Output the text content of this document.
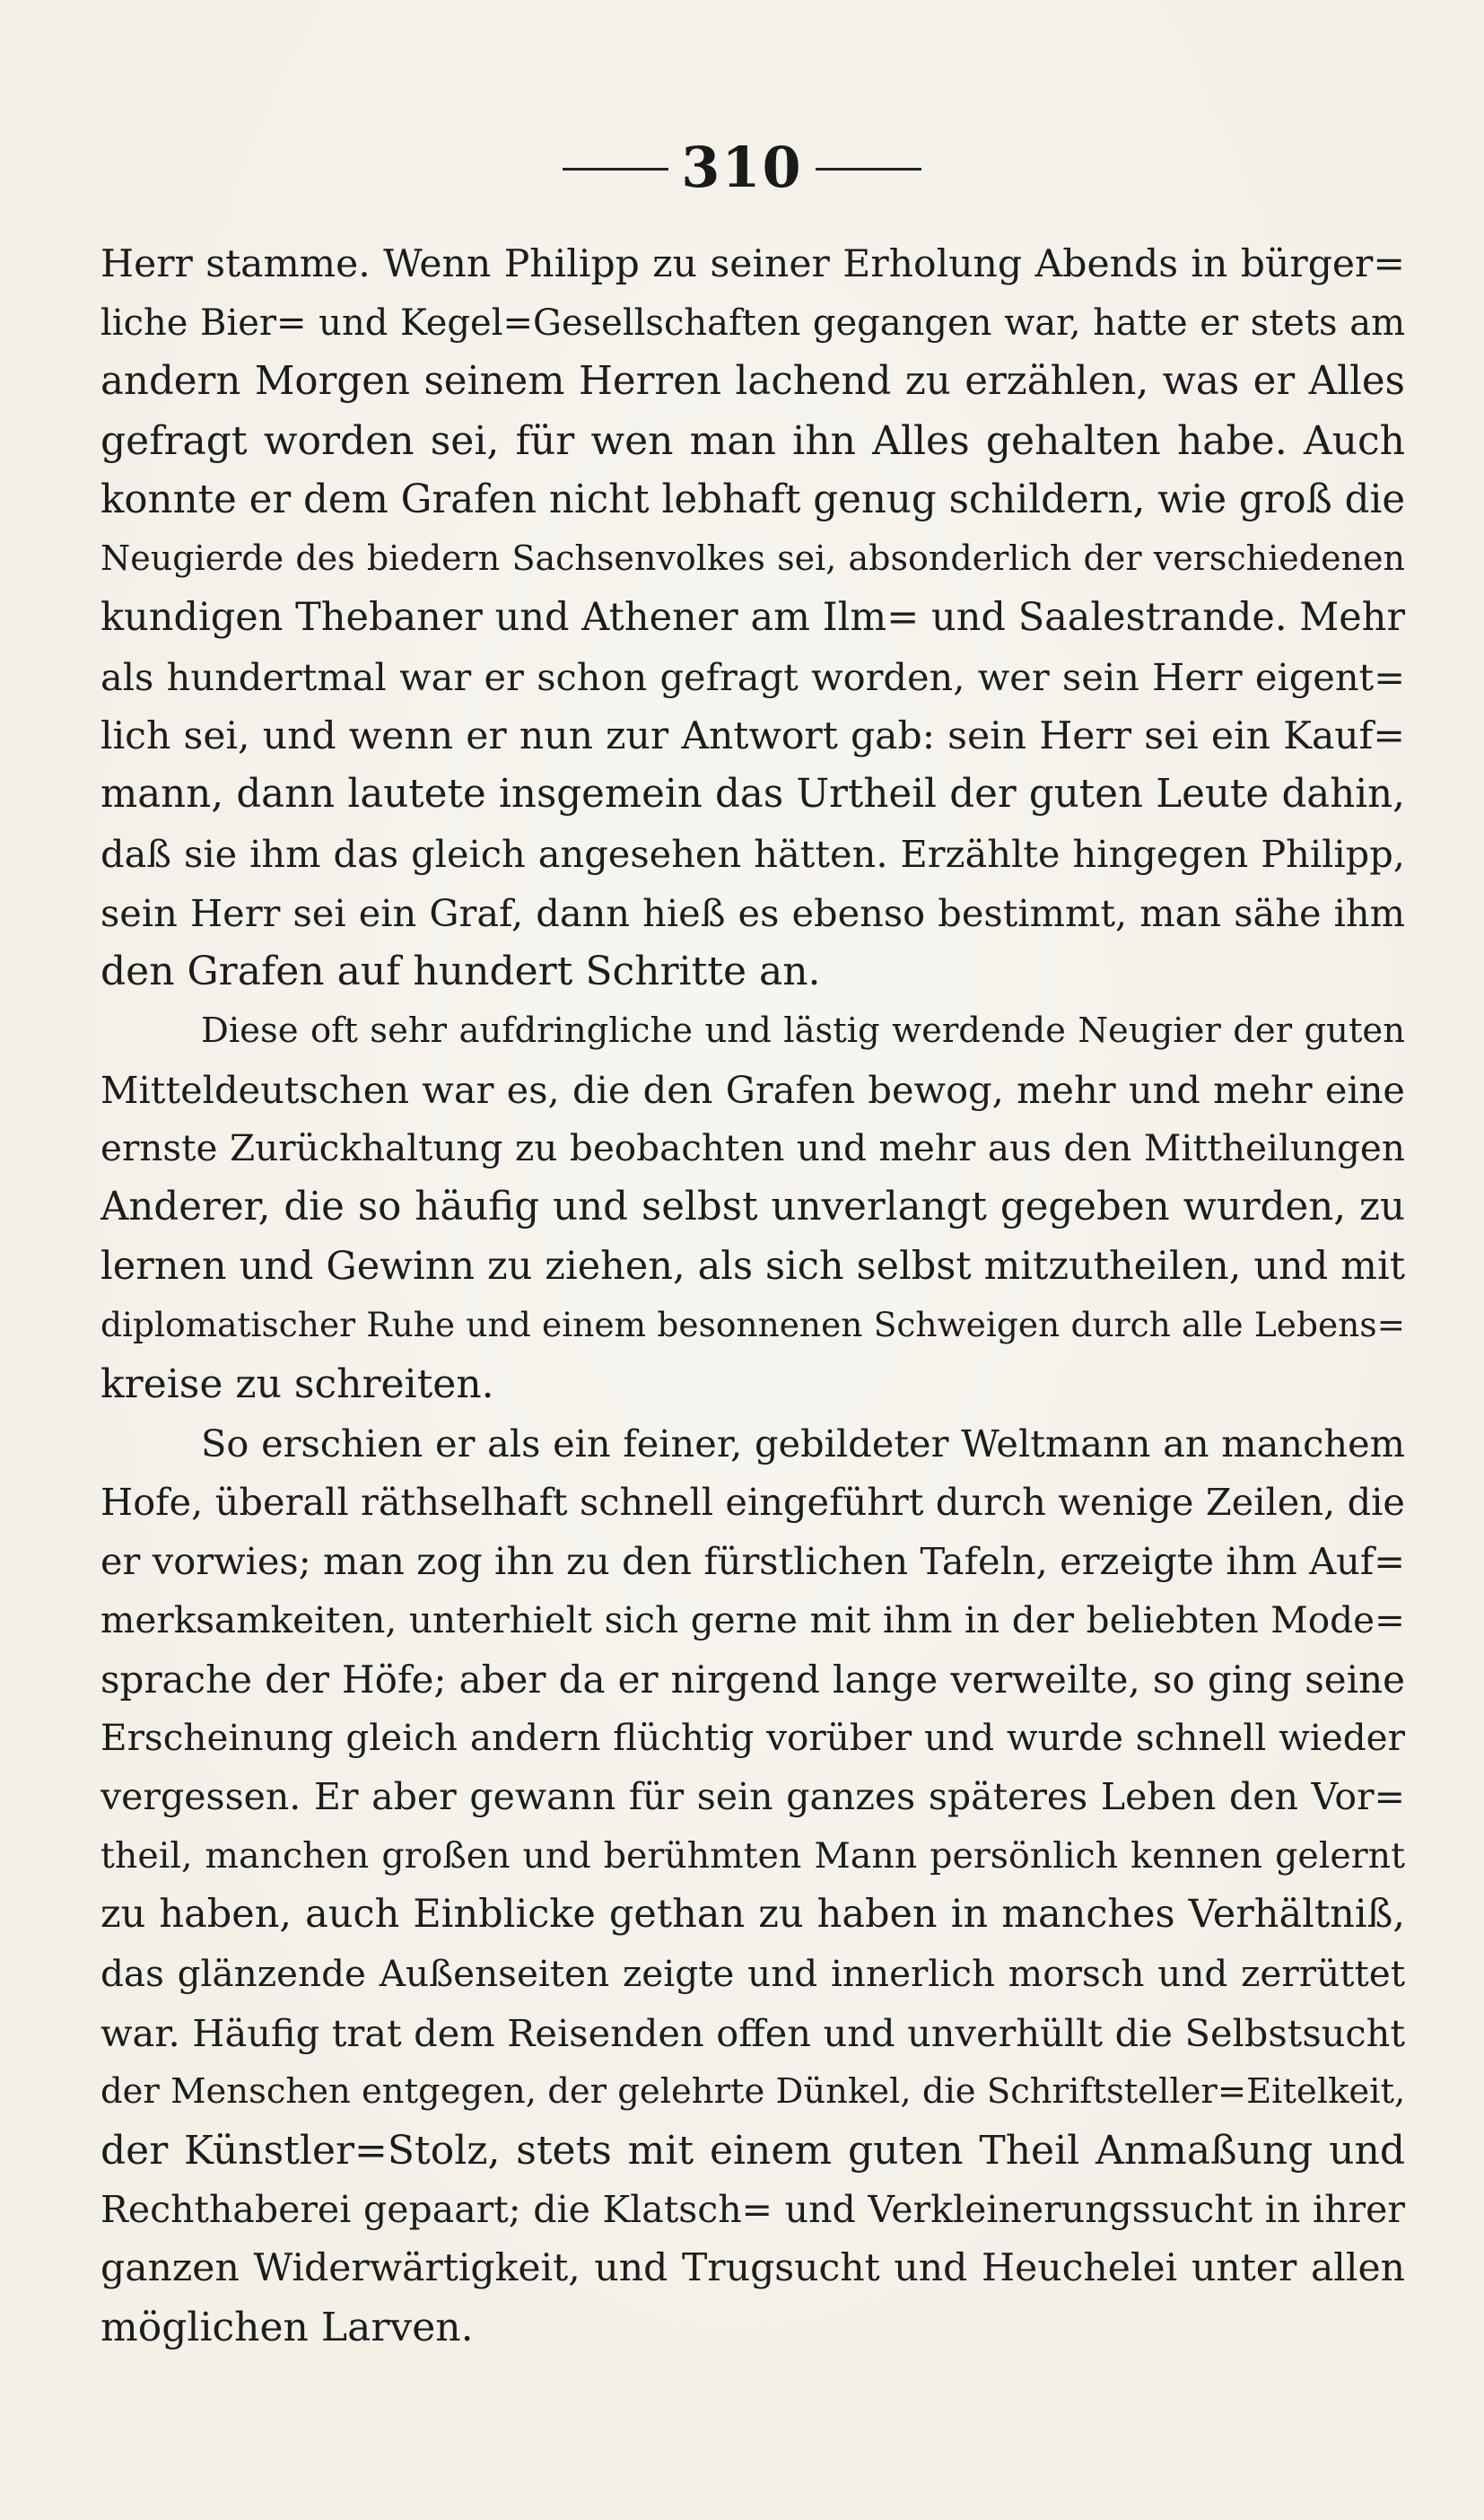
310
Herr stamme. Wenn Philipp zu seiner Erholung Abends in bürger=
liche Bier= und Kegel=Gesellschaften gegangen war, hatte er stets am
andern Morgen seinem Herren lachend zu erzählen, was er Alles
gefragt worden sei, für wen man ihn Alles gehalten habe. Auch
konnte er dem Grafen nicht lebhaft genug schildern, wie groß die
Neugierde des biedern Sachsenvolkes sei, absonderlich der verschiedenen
kundigen Thebaner und Athener am Ilm= und Saalestrande. Mehr
als hundertmal war er schon gefragt worden, wer sein Herr eigent=
lich sei, und wenn er nun zur Antwort gab: sein Herr sei ein Kauf=
mann, dann lautete insgemein das Urtheil der guten Leute dahin,
daß sie ihm das gleich angesehen hätten. Erzählte hingegen Philipp,
sein Herr sei ein Graf, dann hieß es ebenso bestimmt, man sähe ihm
den Grafen auf hundert Schritte an.
Diese oft sehr aufdringliche und lästig werdende Neugier der guten
Mitteldeutschen war es, die den Grafen bewog, mehr und mehr eine
ernste Zurückhaltung zu beobachten und mehr aus den Mittheilungen
Anderer, die so häufig und selbst unverlangt gegeben wurden, zu
lernen und Gewinn zu ziehen, als sich selbst mitzutheilen, und mit
diplomatischer Ruhe und einem besonnenen Schweigen durch alle Lebens=
kreise zu schreiten.
So erschien er als ein feiner, gebildeter Weltmann an manchem
Hofe, überall räthselhaft schnell eingeführt durch wenige Zeilen, die
er vorwies; man zog ihn zu den fürstlichen Tafeln, erzeigte ihm Auf=
merksamkeiten, unterhielt sich gerne mit ihm in der beliebten Mode=
sprache der Höfe; aber da er nirgend lange verweilte, so ging seine
Erscheinung gleich andern flüchtig vorüber und wurde schnell wieder
vergessen. Er aber gewann für sein ganzes späteres Leben den Vor=
theil, manchen großen und berühmten Mann persönlich kennen gelernt
zu haben, auch Einblicke gethan zu haben in manches Verhältniß,
das glänzende Außenseiten zeigte und innerlich morsch und zerrüttet
war. Häufig trat dem Reisenden offen und unverhüllt die Selbstsucht
der Menschen entgegen, der gelehrte Dünkel, die Schriftsteller=Eitelkeit,
der Künstler=Stolz, stets mit einem guten Theil Anmaßung und
Rechthaberei gepaart; die Klatsch= und Verkleinerungssucht in ihrer
ganzen Widerwärtigkeit, und Trugsucht und Heuchelei unter allen
möglichen Larven.
